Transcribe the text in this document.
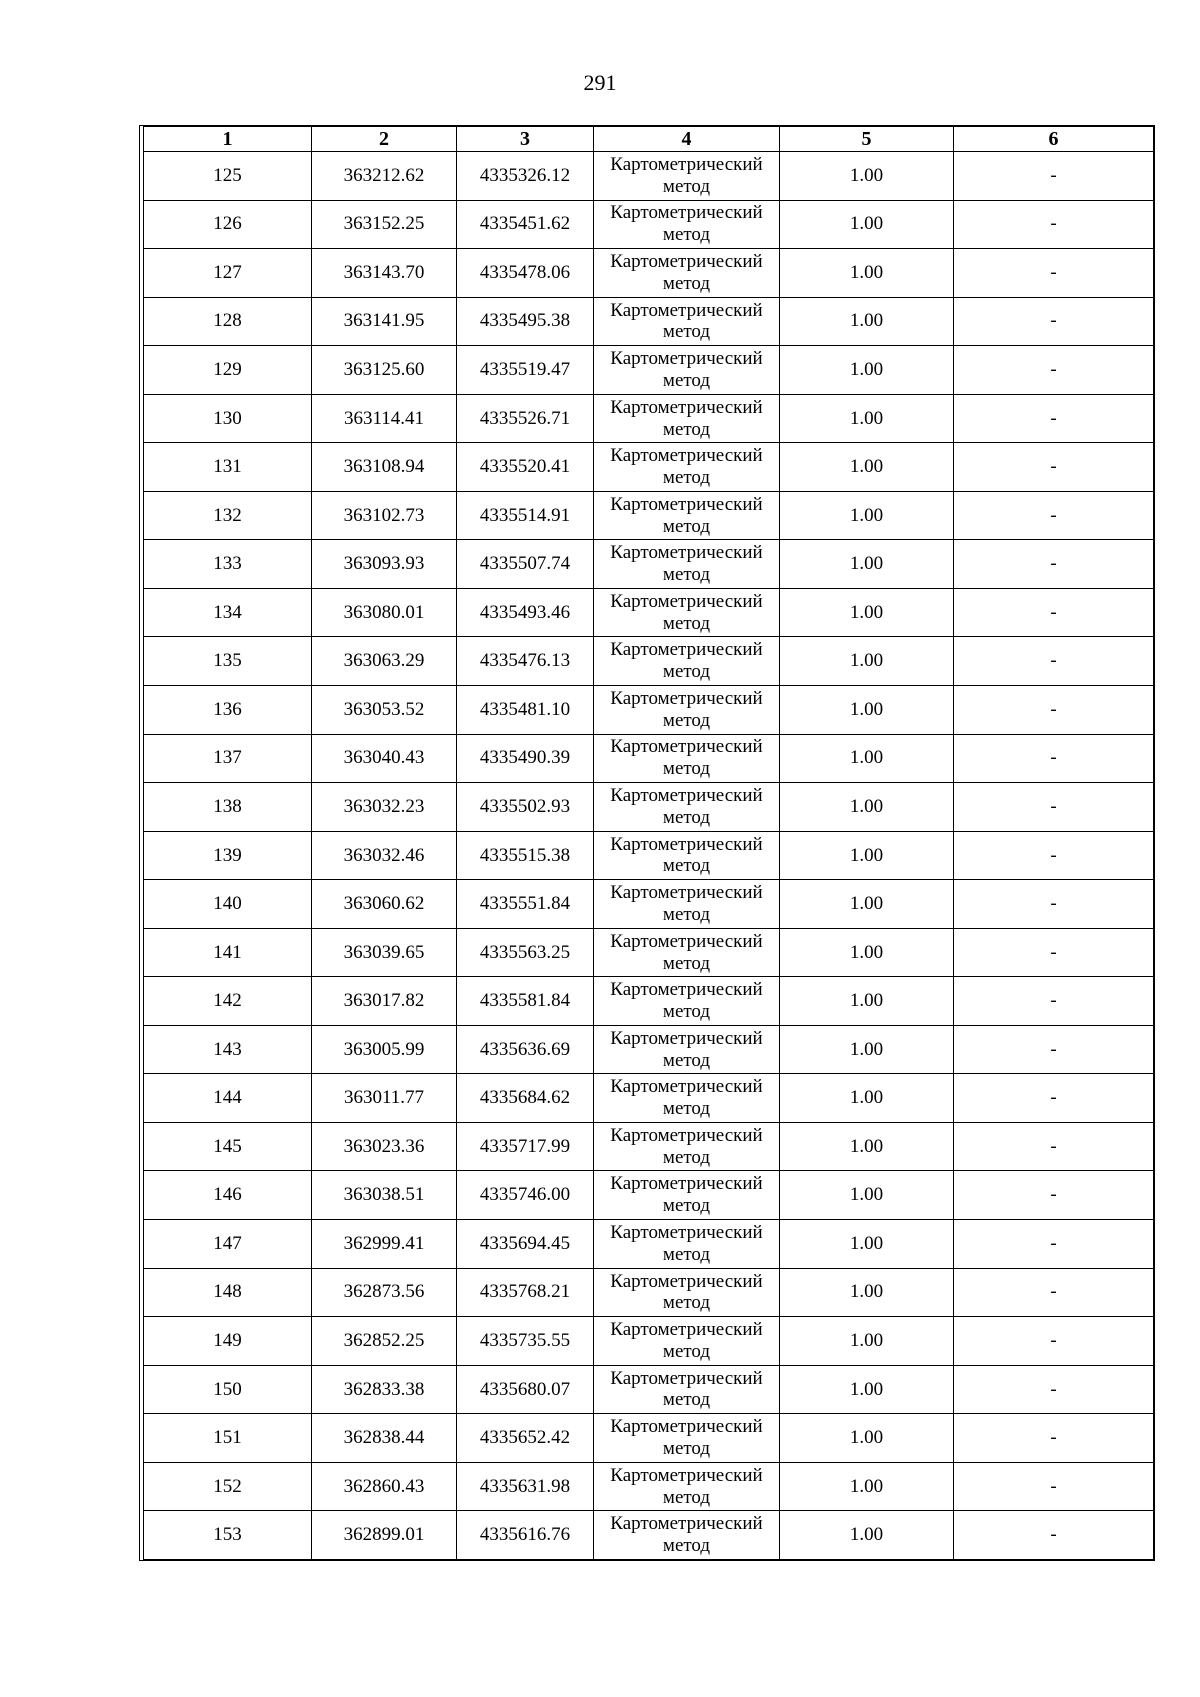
291
1	2	3	4	5	6
125	363212.62	4335326.12	Картометрический метод	1.00	-
126	363152.25	4335451.62	Картометрический метод	1.00	-
127	363143.70	4335478.06	Картометрический метод	1.00	-
128	363141.95	4335495.38	Картометрический метод	1.00	-
129	363125.60	4335519.47	Картометрический метод	1.00	-
130	363114.41	4335526.71	Картометрический метод	1.00	-
131	363108.94	4335520.41	Картометрический метод	1.00	-
132	363102.73	4335514.91	Картометрический метод	1.00	-
133	363093.93	4335507.74	Картометрический метод	1.00	-
134	363080.01	4335493.46	Картометрический метод	1.00	-
135	363063.29	4335476.13	Картометрический метод	1.00	-
136	363053.52	4335481.10	Картометрический метод	1.00	-
137	363040.43	4335490.39	Картометрический метод	1.00	-
138	363032.23	4335502.93	Картометрический метод	1.00	-
139	363032.46	4335515.38	Картометрический метод	1.00	-
140	363060.62	4335551.84	Картометрический метод	1.00	-
141	363039.65	4335563.25	Картометрический метод	1.00	-
142	363017.82	4335581.84	Картометрический метод	1.00	-
143	363005.99	4335636.69	Картометрический метод	1.00	-
144	363011.77	4335684.62	Картометрический метод	1.00	-
145	363023.36	4335717.99	Картометрический метод	1.00	-
146	363038.51	4335746.00	Картометрический метод	1.00	-
147	362999.41	4335694.45	Картометрический метод	1.00	-
148	362873.56	4335768.21	Картометрический метод	1.00	-
149	362852.25	4335735.55	Картометрический метод	1.00	-
150	362833.38	4335680.07	Картометрический метод	1.00	-
151	362838.44	4335652.42	Картометрический метод	1.00	-
152	362860.43	4335631.98	Картометрический метод	1.00	-
153	362899.01	4335616.76	Картометрический метод	1.00	-
